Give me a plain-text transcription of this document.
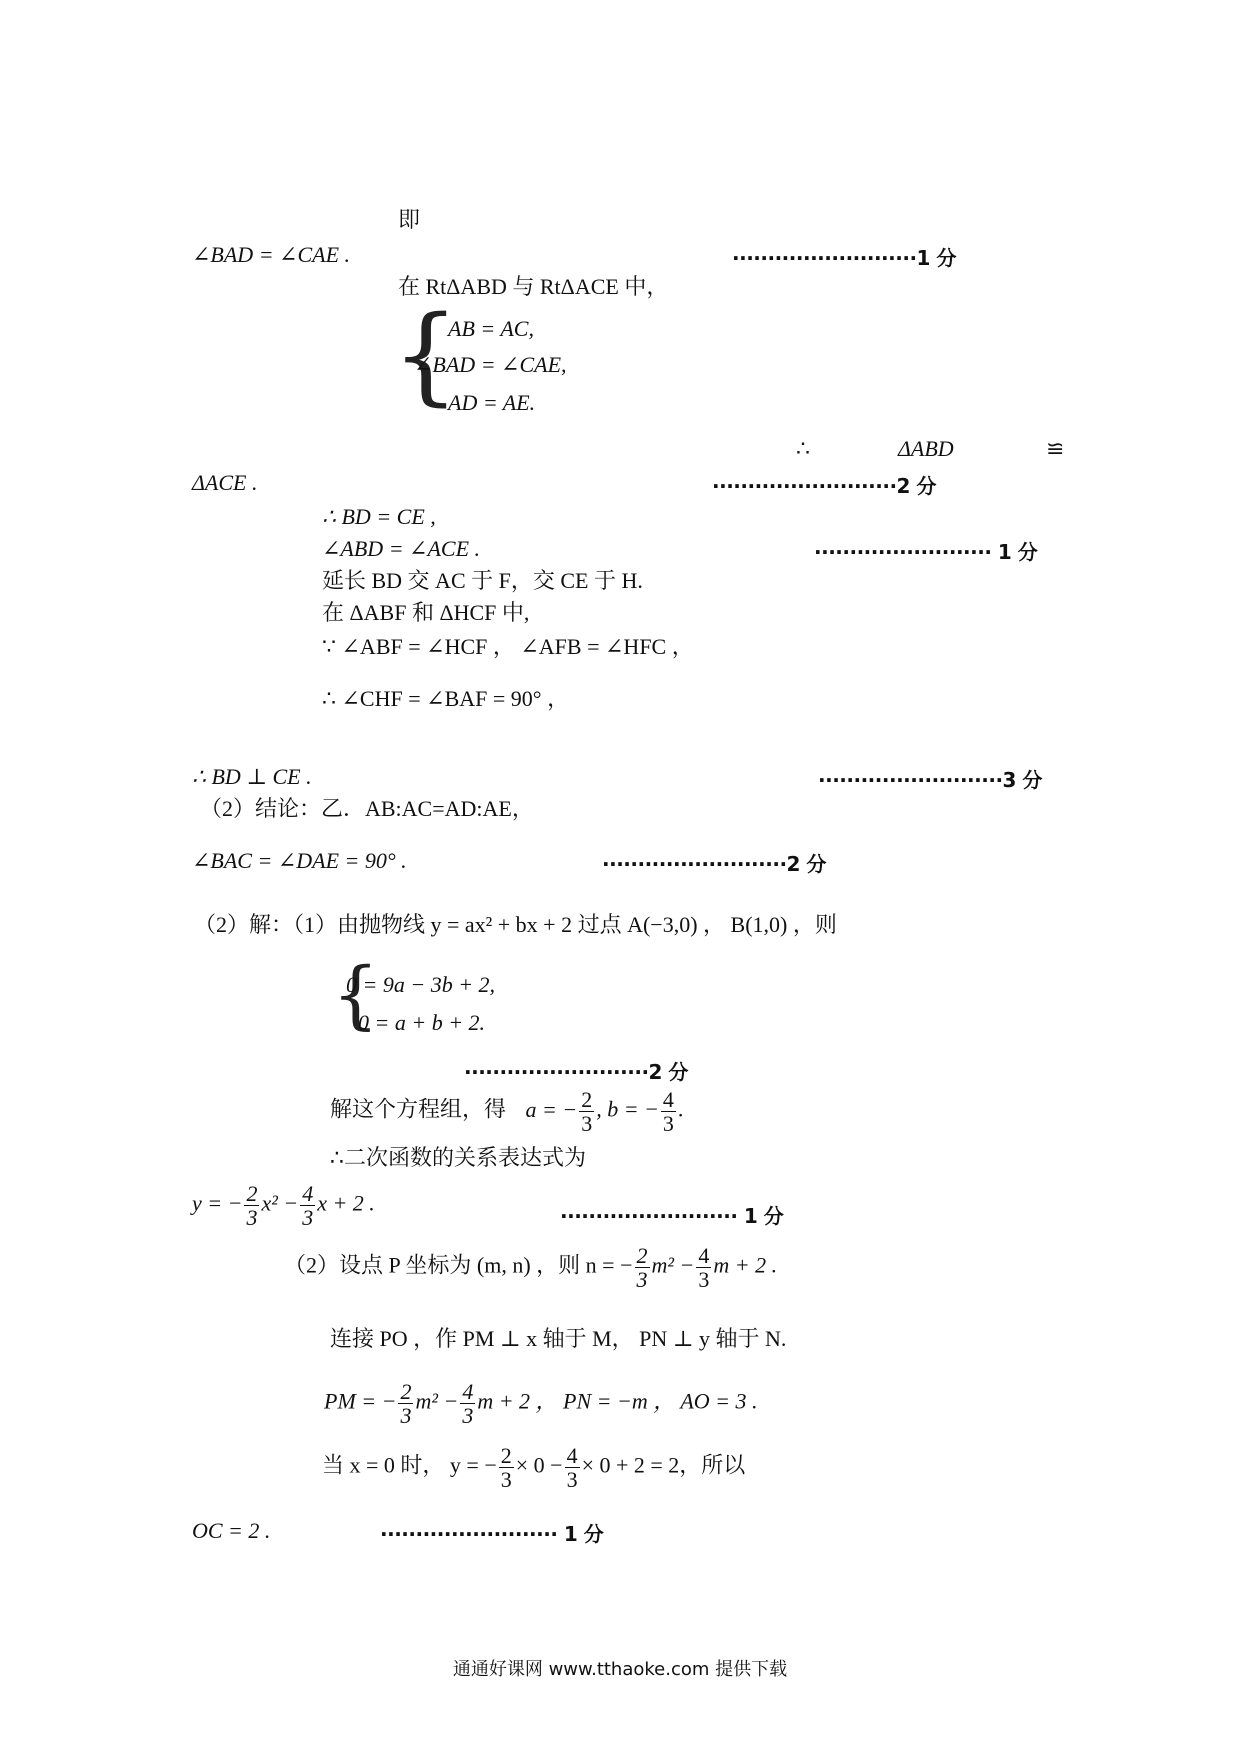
即
∠BAD = ∠CAE .	··························1 分
在 RtΔABD 与 RtΔACE 中，
{
AB = AC,
∠BAD = ∠CAE,
AD = AE.
∴	ΔABD	≌
ΔACE .	··························2 分
∴ BD = CE ,
∠ABD = ∠ACE .	························· 1 分
延长 BD 交 AC 于 F，交 CE 于 H.
在 ΔABF 和 ΔHCF 中,
∵ ∠ABF = ∠HCF ， ∠AFB = ∠HFC ，
∴ ∠CHF = ∠BAF = 90° ，
∴ BD ⊥ CE .	··························3 分
（2）结论：乙．AB:AC=AD:AE，
∠BAC = ∠DAE = 90° .	··························2 分
（2）解：（1）由抛物线 y = ax² + bx + 2 过点 A(−3,0) ， B(1,0) ，则
{
0 = 9a − 3b + 2,
0 = a + b + 2.
··························2 分
解这个方程组，得 a = − $\frac{2}{3}$ , b = − $\frac{4}{3}$ .
∴二次函数的关系表达式为
y = − $\frac{2}{3} x^2 - \frac{4}{3}$ x + 2 .
························· 1 分
（2）设点 P 坐标为 (m, n) ，则 n = − $\frac{2}{3} m^2 - \frac{4}{3}$ m + 2 .
连接 PO ，作 PM ⊥ x 轴于 M， PN ⊥ y 轴于 N.
PM = − $\frac{2}{3} m^2 - \frac{4}{3}$ m + 2 ， PN = −m ， AO = 3 .
当 x = 0 时， y = − $\frac{2}{3} \times 0 - \frac{4}{3} \times 0 + 2 = 2$，所以
OC = 2 .	························· 1 分
通通好课网 www.tthaoke.com 提供下载
